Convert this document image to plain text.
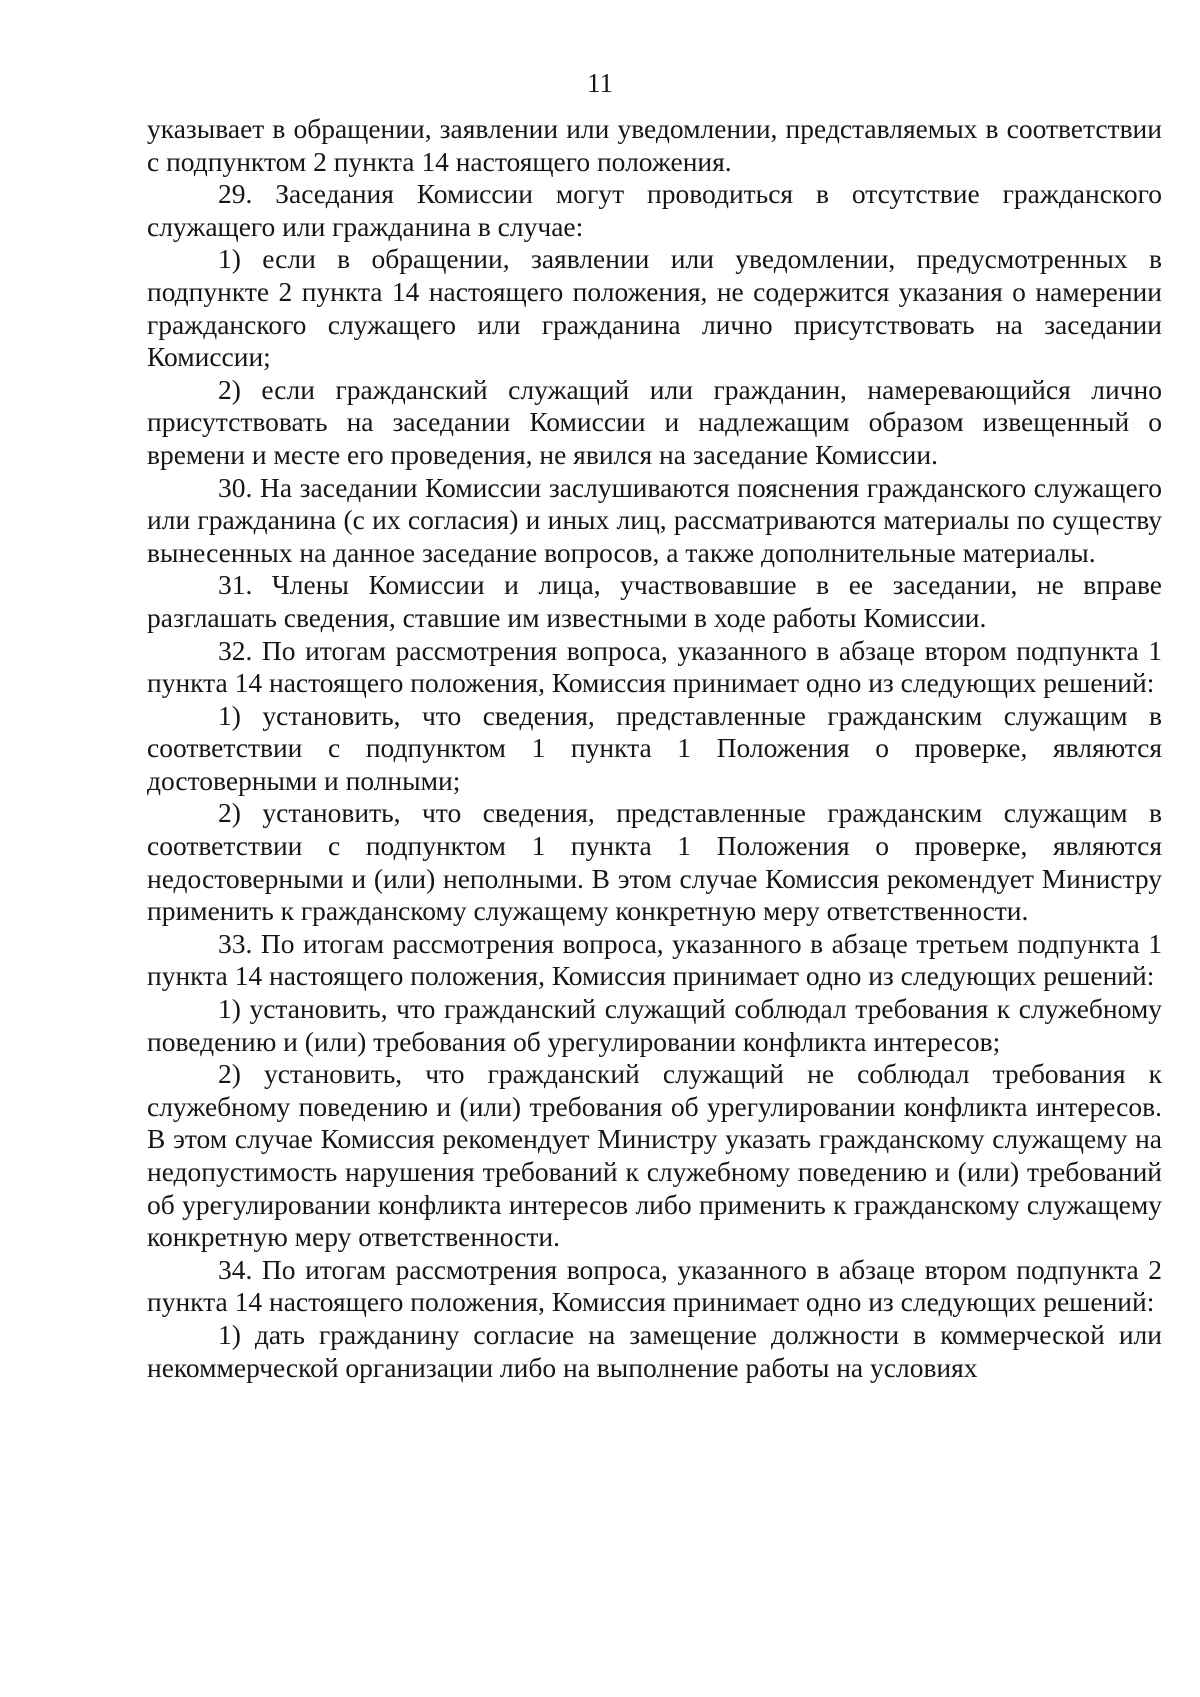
11

указывает в обращении, заявлении или уведомлении, представляемых в соответствии с подпунктом 2 пункта 14 настоящего положения.

29. Заседания Комиссии могут проводиться в отсутствие гражданского служащего или гражданина в случае:

1) если в обращении, заявлении или уведомлении, предусмотренных в подпункте 2 пункта 14 настоящего положения, не содержится указания о намерении гражданского служащего или гражданина лично присутствовать на заседании Комиссии;

2) если гражданский служащий или гражданин, намеревающийся лично присутствовать на заседании Комиссии и надлежащим образом извещенный о времени и месте его проведения, не явился на заседание Комиссии.

30. На заседании Комиссии заслушиваются пояснения гражданского служащего или гражданина (с их согласия) и иных лиц, рассматриваются материалы по существу вынесенных на данное заседание вопросов, а также дополнительные материалы.

31. Члены Комиссии и лица, участвовавшие в ее заседании, не вправе разглашать сведения, ставшие им известными в ходе работы Комиссии.

32. По итогам рассмотрения вопроса, указанного в абзаце втором подпункта 1 пункта 14 настоящего положения, Комиссия принимает одно из следующих решений:

1) установить, что сведения, представленные гражданским служащим в соответствии с подпунктом 1 пункта 1 Положения о проверке, являются достоверными и полными;

2) установить, что сведения, представленные гражданским служащим в соответствии с подпунктом 1 пункта 1 Положения о проверке, являются недостоверными и (или) неполными. В этом случае Комиссия рекомендует Министру применить к гражданскому служащему конкретную меру ответственности.

33. По итогам рассмотрения вопроса, указанного в абзаце третьем подпункта 1 пункта 14 настоящего положения, Комиссия принимает одно из следующих решений:

1) установить, что гражданский служащий соблюдал требования к служебному поведению и (или) требования об урегулировании конфликта интересов;

2) установить, что гражданский служащий не соблюдал требования к служебному поведению и (или) требования об урегулировании конфликта интересов. В этом случае Комиссия рекомендует Министру указать гражданскому служащему на недопустимость нарушения требований к служебному поведению и (или) требований об урегулировании конфликта интересов либо применить к гражданскому служащему конкретную меру ответственности.

34. По итогам рассмотрения вопроса, указанного в абзаце втором подпункта 2 пункта 14 настоящего положения, Комиссия принимает одно из следующих решений:

1) дать гражданину согласие на замещение должности в коммерческой или некоммерческой организации либо на выполнение работы на условиях
